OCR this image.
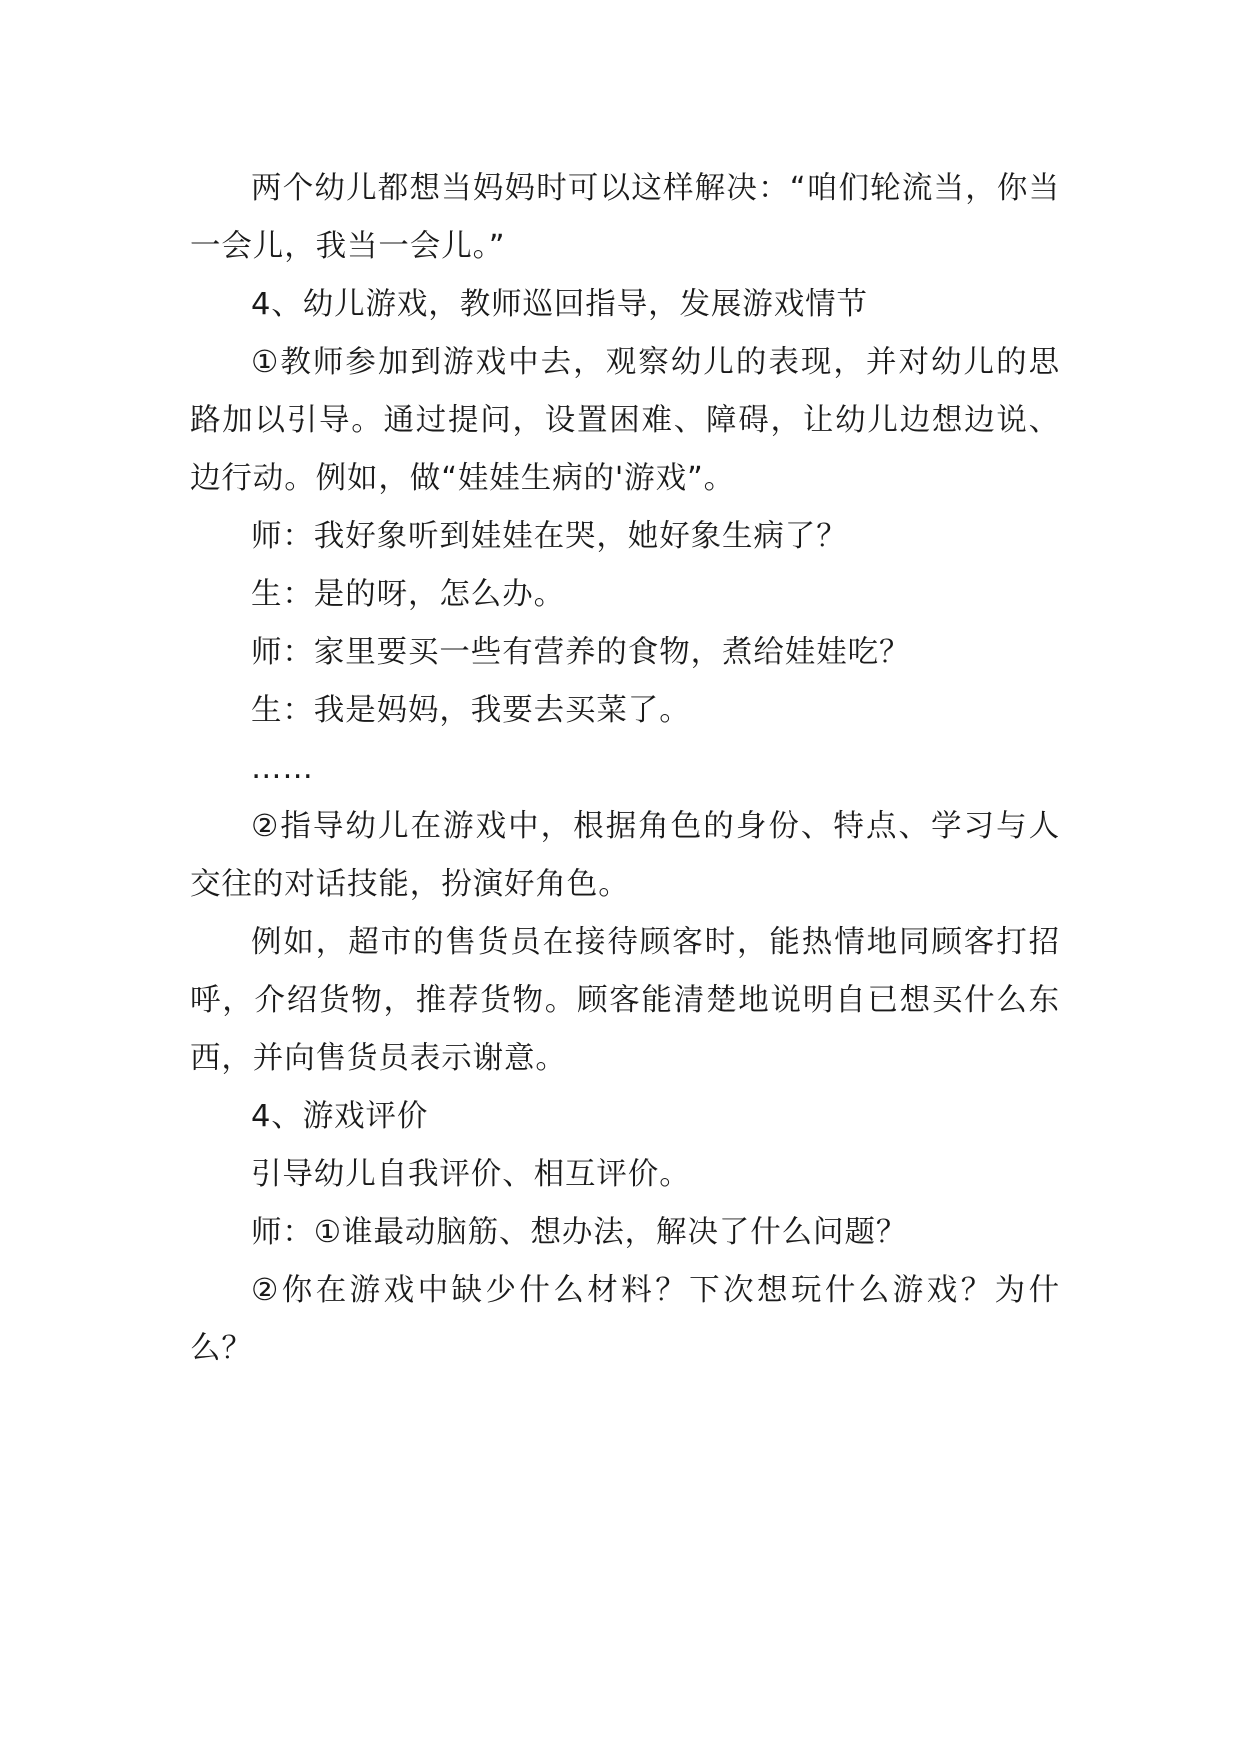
两个幼儿都想当妈妈时可以这样解决：“咱们轮流当，你当一会儿，我当一会儿。”

4、幼儿游戏，教师巡回指导，发展游戏情节

①教师参加到游戏中去，观察幼儿的表现，并对幼儿的思路加以引导。通过提问，设置困难、障碍，让幼儿边想边说、边行动。例如，做“娃娃生病的'游戏”。

师：我好象听到娃娃在哭，她好象生病了？

生：是的呀，怎么办。

师：家里要买一些有营养的食物，煮给娃娃吃？

生：我是妈妈，我要去买菜了。

……

②指导幼儿在游戏中，根据角色的身份、特点、学习与人交往的对话技能，扮演好角色。

例如，超市的售货员在接待顾客时，能热情地同顾客打招呼，介绍货物，推荐货物。顾客能清楚地说明自已想买什么东西，并向售货员表示谢意。

4、游戏评价

引导幼儿自我评价、相互评价。

师：①谁最动脑筋、想办法，解决了什么问题？

②你在游戏中缺少什么材料？下次想玩什么游戏？为什么？
